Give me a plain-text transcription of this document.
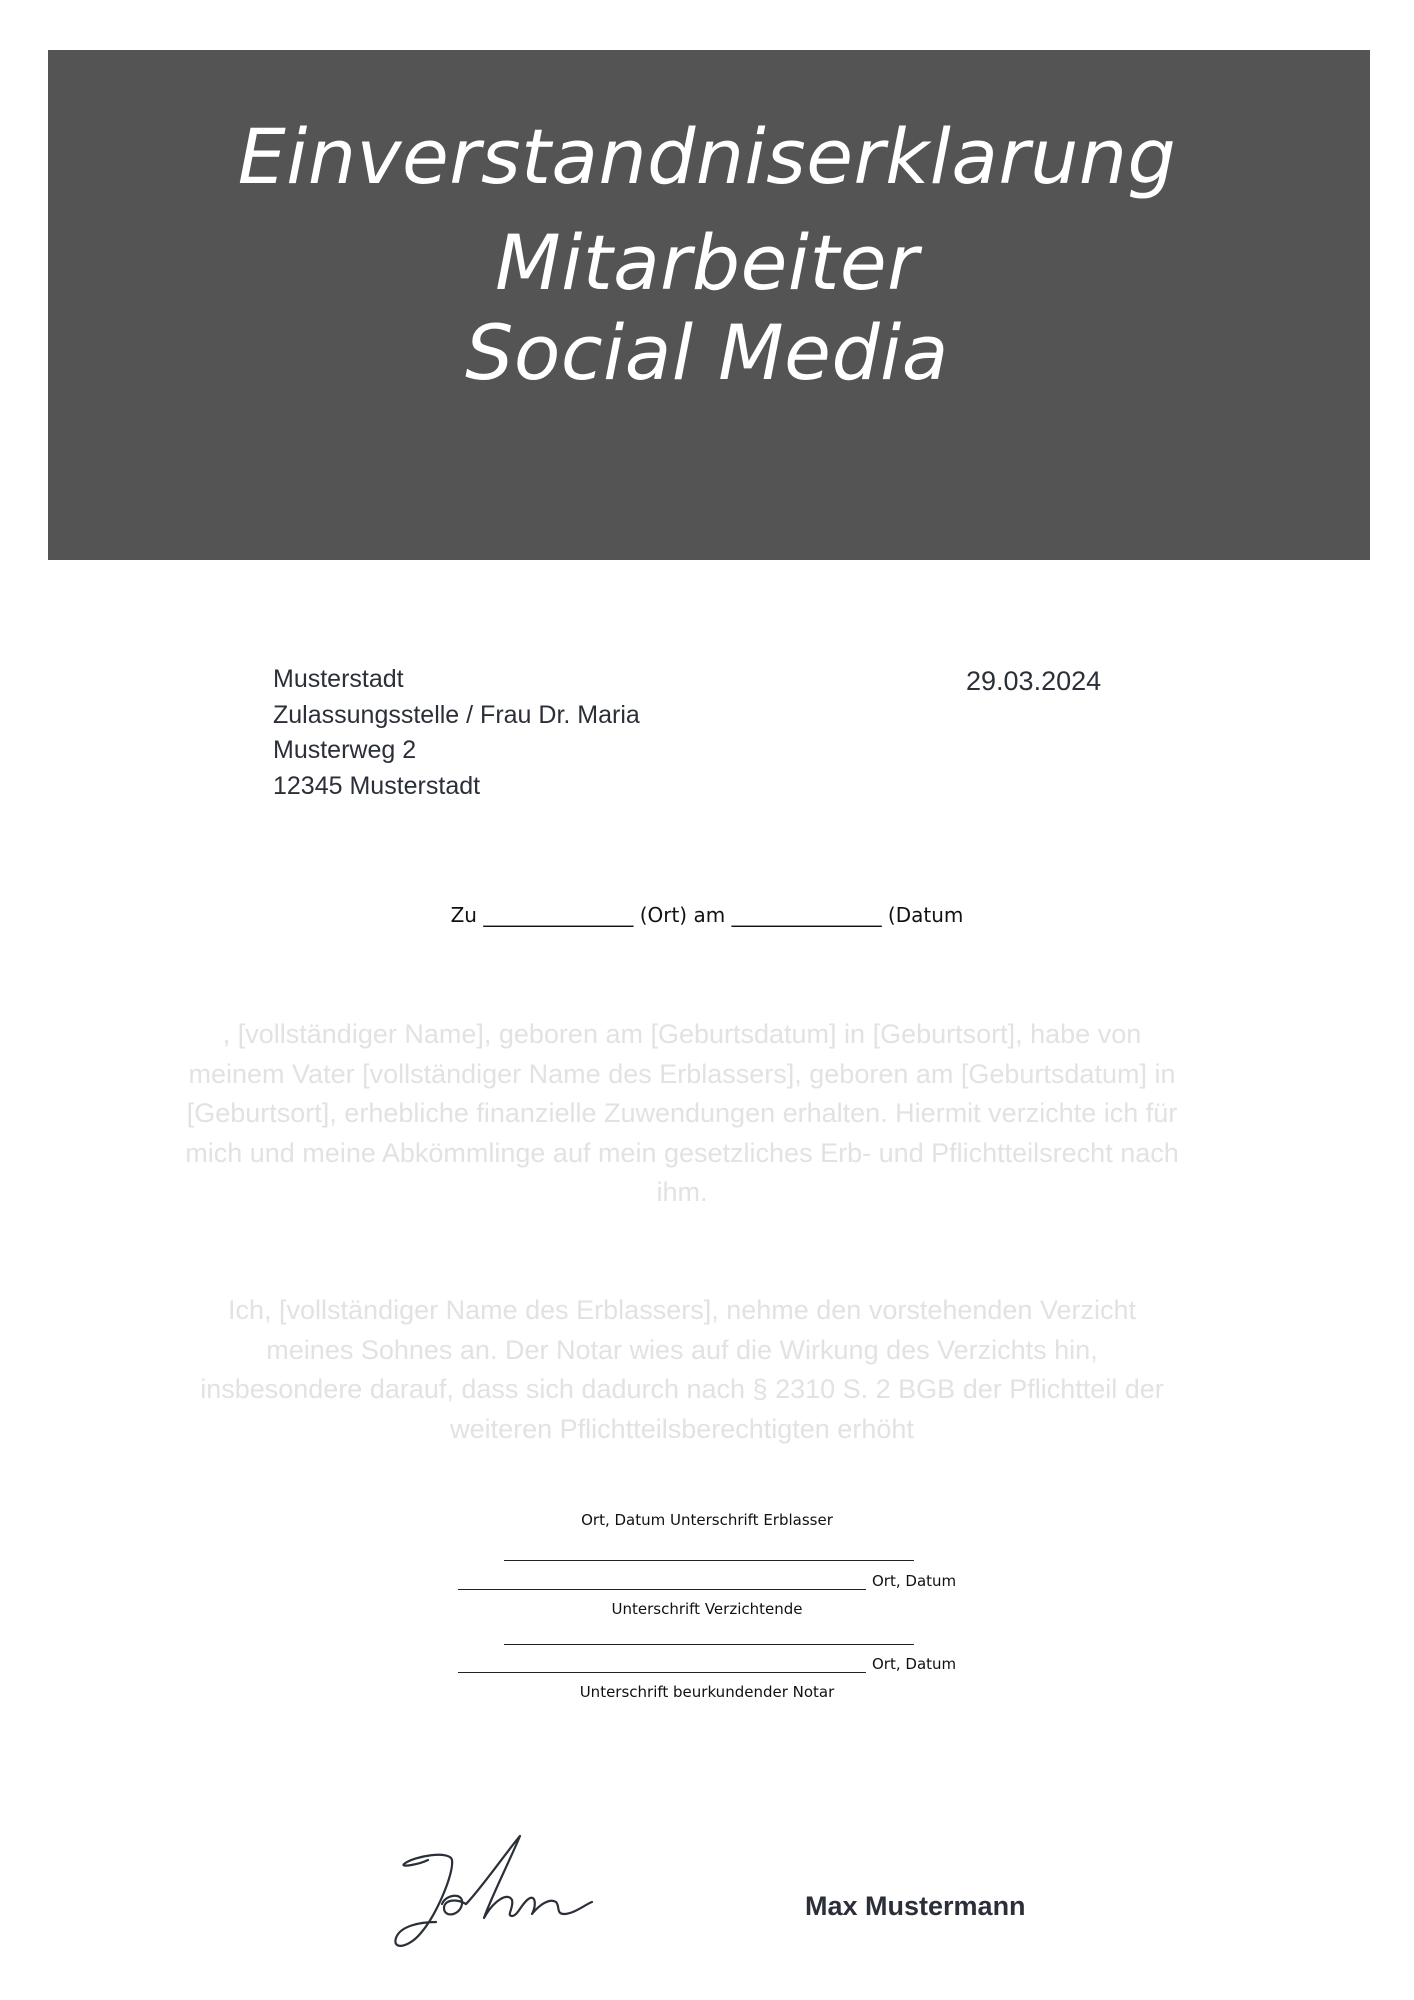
Einverstandniserklarung
Mitarbeiter
Social Media
Musterstadt
Zulassungsstelle / Frau Dr. Maria
Musterweg 2
12345 Musterstadt
29.03.2024
Zu _______________ (Ort) am _______________ (Datum

, [vollständiger Name], geboren am [Geburtsdatum] in [Geburtsort], habe von meinem Vater [vollständiger Name des Erblassers], geboren am [Geburtsdatum] in [Geburtsort], erhebliche finanzielle Zuwendungen erhalten. Hiermit verzichte ich für mich und meine Abkömmlinge auf mein gesetzliches Erb- und Pflichtteilsrecht nach ihm.

Ich, [vollständiger Name des Erblassers], nehme den vorstehenden Verzicht meines Sohnes an. Der Notar wies auf die Wirkung des Verzichts hin, insbesondere darauf, dass sich dadurch nach § 2310 S. 2 BGB der Pflichtteil der weiteren Pflichtteilsberechtigten erhöht

Ort, Datum Unterschrift Erblasser
Ort, Datum
Unterschrift Verzichtende
Ort, Datum
Unterschrift beurkundender Notar
Max Mustermann
